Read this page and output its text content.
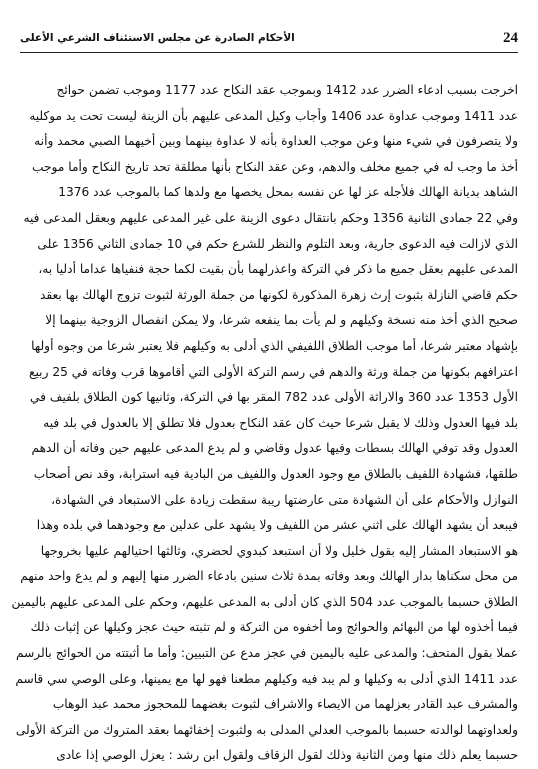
24
الأحكام الصادرة عن مجلس الاستئناف الشرعي الأعلى
اخرجت بسبب ادعاء الضرر عدد 1412 وبموجب عقد النكاح عدد 1177 وموجب تضمن حوائج
عدد 1411 وموجب عداوة عدد 1406 وأجاب وكيل المدعى عليهم بأن الزينة ليست تحت يد موكليه
ولا يتصرفون في شيء منها وعن موجب العداوة بأنه لا عداوة بينهما وبين أخيهما الصبي محمد وأنه
أخذ ما وجب له في جميع مخلف والدهم، وعن عقد النكاح بأنها مطلقة تحد تاريخ النكاح وأما موجب
الشاهد بديانة الهالك فلأجله عز لها عن نفسه بمحل يخصها مع ولدها كما بالموجب عدد 1376
وفي 22 جمادى الثانية 1356 وحكم بانتقال دعوى الزينة على غير المدعى عليهم وبعقل المدعى فيه
الذي لازالت فيه الدعوى جارية، وبعد التلوم والنظر للشرع حكم في 10 جمادى الثاني 1356 على
المدعى عليهم بعقل جميع ما ذكر في التركة واعذرلهما بأن بقيت لكما حجة فنفياها عداما أدليا به،
حكم قاضي النازلة بثبوت إرث زهرة المذكورة لكونها من جملة الورثة لثبوت تزوج الهالك بها بعقد
صحيح الذي أخذ منه نسخة وكيلهم و لم يأت بما ينفعه شرعا، ولا يمكن انفصال الزوجية بينهما إلا
بإشهاد معتبر شرعا، أما موجب الطلاق اللفيفي الذي أدلى به وكيلهم فلا يعتبر شرعا من وجوه أولها
اعترافهم بكونها من جملة ورثة والدهم في رسم التركة الأولى التي أقاموها قرب وفاته في 25 ربيع
الأول 1353 عدد 360 والاراثة الأولى عدد 782 المقر بها في التركة، وثانيها كون الطلاق بلفيف في
بلد فيها العدول وذلك لا يقبل شرعا حيث كان عقد النكاح بعدول فلا تطلق إلا بالعدول في بلد فيه
العدول وقد توفي الهالك بسطات وفيها عدول وقاضي و لم يدع المدعى عليهم حين وفاته أن الدهم
طلقها، فشهادة اللفيف بالطلاق مع وجود العدول واللفيف من البادية فيه استرابة، وقد نص أصحاب
النوازل والأحكام على أن الشهادة متى عارضتها ريبة سقطت زيادة على الاستبعاد في الشهادة،
فيبعد أن يشهد الهالك على اثني عشر من اللفيف ولا يشهد على عدلين مع وجودهما في بلده وهذا
هو الاستبعاد المشار إليه بقول خليل ولا أن استبعد كبدوي لحضري، وثالثها احتيالهم عليها بخروجها
من محل سكناها بدار الهالك وبعد وفاته بمدة ثلاث سنين بادعاء الضرر منها إليهم و لم يدع واحد منهم
الطلاق حسبما بالموجب عدد 504 الذي كان أدلى به المدعى عليهم، وحكم على المدعى عليهم باليمين
فيما أخذوه لها من البهائم والحوائج وما أخفوه من التركة و لم تثبته حيث عجز وكيلها عن إثبات ذلك
عملا بقول المتحف: والمدعى عليه باليمين في عجز مدع عن التبيين: وأما ما أثبتته من الحوائج بالرسم
عدد 1411 الذي أدلى به وكيلها و لم يبد فيه وكيلهم مطعنا فهو لها مع يمينها، وعلى الوصي سي قاسم
والمشرف عبد القادر بعزلهما من الايصاء والاشراف لثبوت بغضهما للمحجوز محمد عبد الوهاب
ولعداوتهما لوالدته حسبما بالموجب العدلي المدلى به ولثبوت إخفائهما بعقد المتروك من التركة الأولى
حسبما يعلم ذلك منها ومن الثانية وذلك لقول الزقاف ولقول ابن رشد : يعزل الوصي إذا عادى
